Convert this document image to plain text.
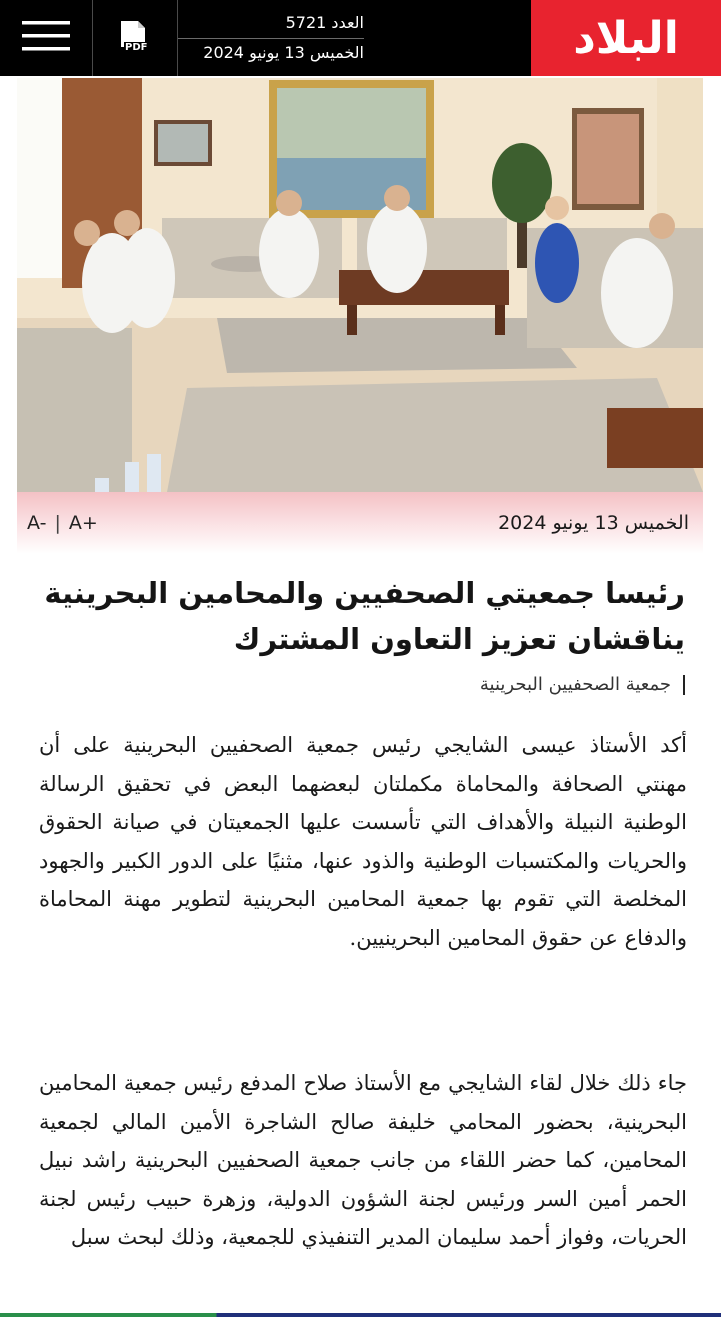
PDF
العدد 5721
الخميس 13 يونيو 2024	البلاد
A- | A+	الخميس 13 يونيو 2024
رئيسا جمعيتي الصحفيين والمحامين البحرينية يناقشان تعزيز التعاون المشترك
جمعية الصحفيين البحرينية

أكد الأستاذ عيسى الشايجي رئيس جمعية الصحفيين البحرينية على أن مهنتي الصحافة والمحاماة مكملتان لبعضهما البعض في تحقيق الرسالة الوطنية النبيلة والأهداف التي تأسست عليها الجمعيتان في صيانة الحقوق والحريات والمكتسبات الوطنية والذود عنها، مثنيًا على الدور الكبير والجهود المخلصة التي تقوم بها جمعية المحامين البحرينية لتطوير مهنة المحاماة والدفاع عن حقوق المحامين البحرينيين.

جاء ذلك خلال لقاء الشايجي مع الأستاذ صلاح المدفع رئيس جمعية المحامين البحرينية، بحضور المحامي خليفة صالح الشاجرة الأمين المالي لجمعية المحامين، كما حضر اللقاء من جانب جمعية الصحفيين البحرينية راشد نبيل الحمر أمين السر ورئيس لجنة الشؤون الدولية، وزهرة حبيب رئيس لجنة الحريات، وفواز أحمد سليمان المدير التنفيذي للجمعية، وذلك لبحث سبل
